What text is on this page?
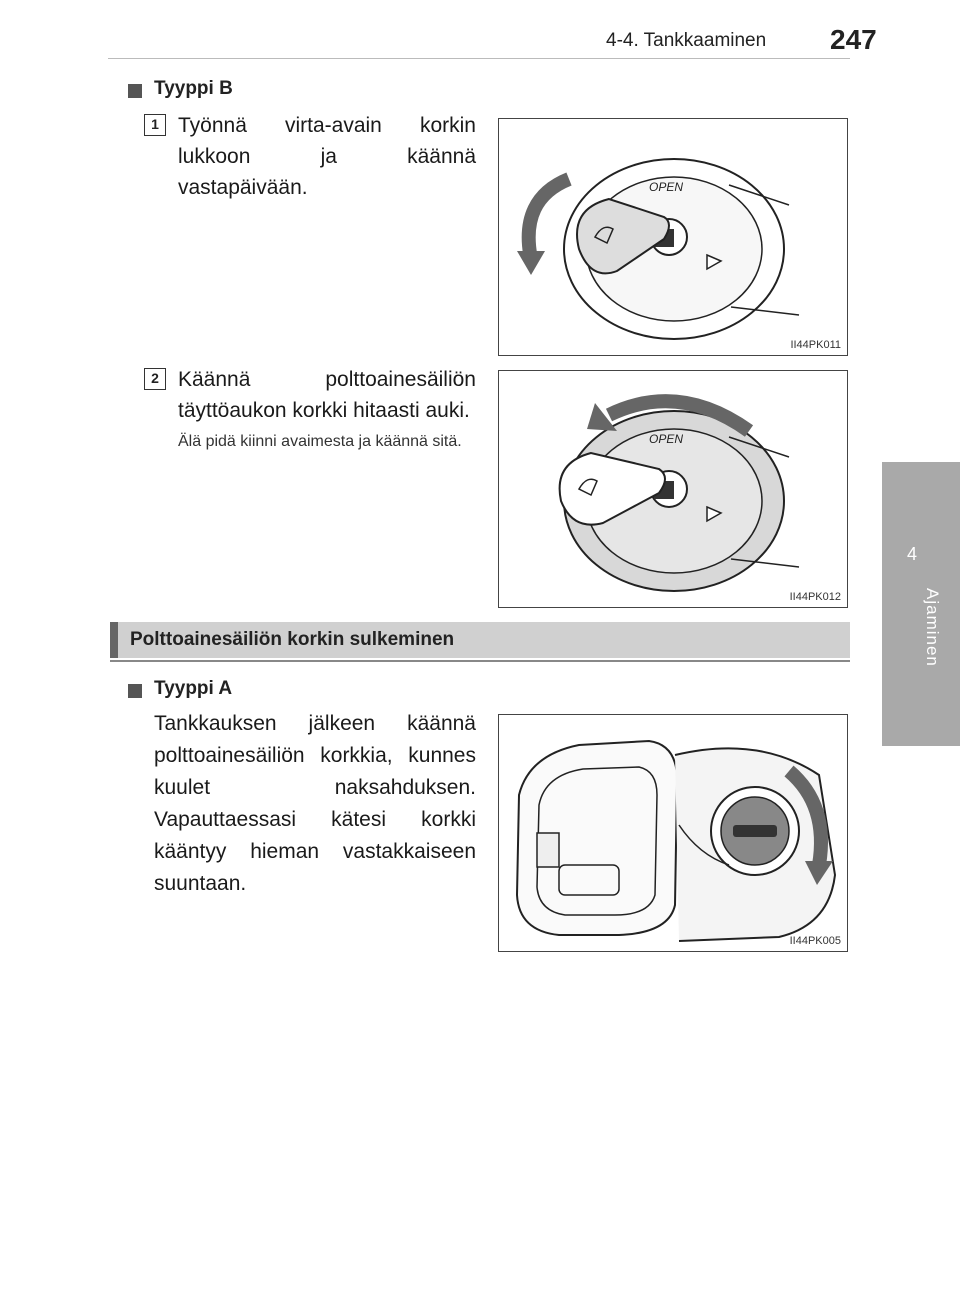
4-4. Tankkaaminen 247
4
Ajaminen
Tyyppi B
1 Työnnä virta-avain korkin lukkoon ja käännä vastapäivään.	OPEN
II44PK011
2 Käännä polttoainesäiliön täyttöaukon korkki hitaasti auki.
Älä pidä kiinni avaimesta ja käännä sitä.	OPEN
II44PK012
Polttoainesäiliön korkin sulkeminen
Tyyppi A
Tankkauksen jälkeen käännä polttoainesäiliön korkkia, kunnes kuulet naksahduksen. Vapauttaessasi kätesi korkki kääntyy hieman vastakkaiseen suuntaan.
II44PK005
